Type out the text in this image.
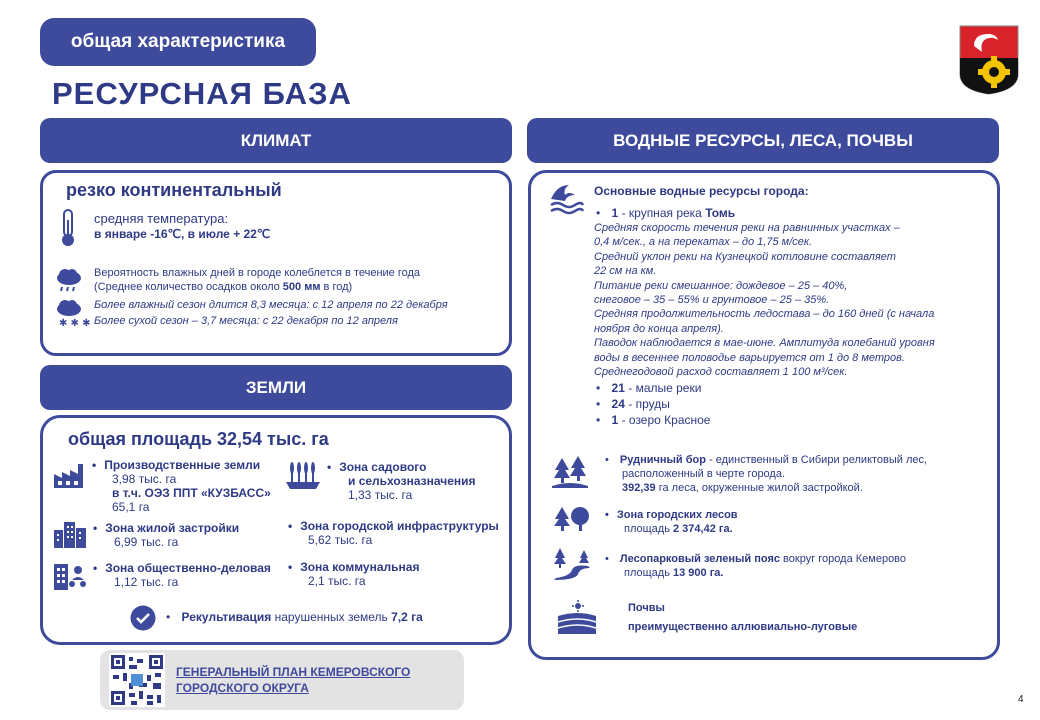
общая характеристика
РЕСУРСНАЯ БАЗА
КЛИМАТ
резко континентальный
средняя температура:
в январе -16℃, в июле + 22℃
✱ ✱ ✱
Вероятность влажных дней в городе колеблется в течение года
(Среднее количество осадков около 500 мм в год)
Более влажный сезон длится 8,3 месяца: с 12 апреля по 22 декабря
Более сухой сезон – 3,7 месяца: с 22 декабря по 12 апреля
ЗЕМЛИ
общая площадь 32,54 тыс. га
• Производственные земли
3,98 тыс. га
в т.ч. ОЭЗ ППТ «КУЗБАСС»
65,1 га
• Зона садового
и сельхозназначения
1,33 тыс. га
• Зона жилой застройки
6,99 тыс. га
• Зона городской инфраструктуры
5,62 тыс. га
• Зона общественно-деловая
1,12 тыс. га
• Зона коммунальная
2,1 тыс. га
• Рекультивация нарушенных земель 7,2 га
ГЕНЕРАЛЬНЫЙ ПЛАН КЕМЕРОВСКОГО
ГОРОДСКОГО ОКРУГА
ВОДНЫЕ РЕСУРСЫ, ЛЕСА, ПОЧВЫ
Основные водные ресурсы города:
• 1 - крупная река Томь
Средняя скорость течения реки на равнинных участках –
0,4 м/сек., а на перекатах – до 1,75 м/сек.
Средний уклон реки на Кузнецкой котловине составляет
22 см на км.
Питание реки смешанное: дождевое – 25 – 40%,
снеговое – 35 – 55% и грунтовое – 25 – 35%.
Средняя продолжительность ледостава – до 160 дней (с начала
ноября до конца апреля).
Паводок наблюдается в мае-июне. Амплитуда колебаний уровня
воды в весеннее половодье варьируется от 1 до 8 метров.
Среднегодовой расход составляет 1 100 м³/сек.
• 21 - малые реки
• 24 - пруды
• 1 - озеро Красное
• Рудничный бор - единственный в Сибири реликтовый лес,
расположенный в черте города.
392,39 га леса, окруженные жилой застройкой.
• Зона городских лесов
площадь 2 374,42 га.
• Лесопарковый зеленый пояс вокруг города Кемерово
площадь 13 900 га.
Почвы
преимущественно аллювиально-луговые
4
